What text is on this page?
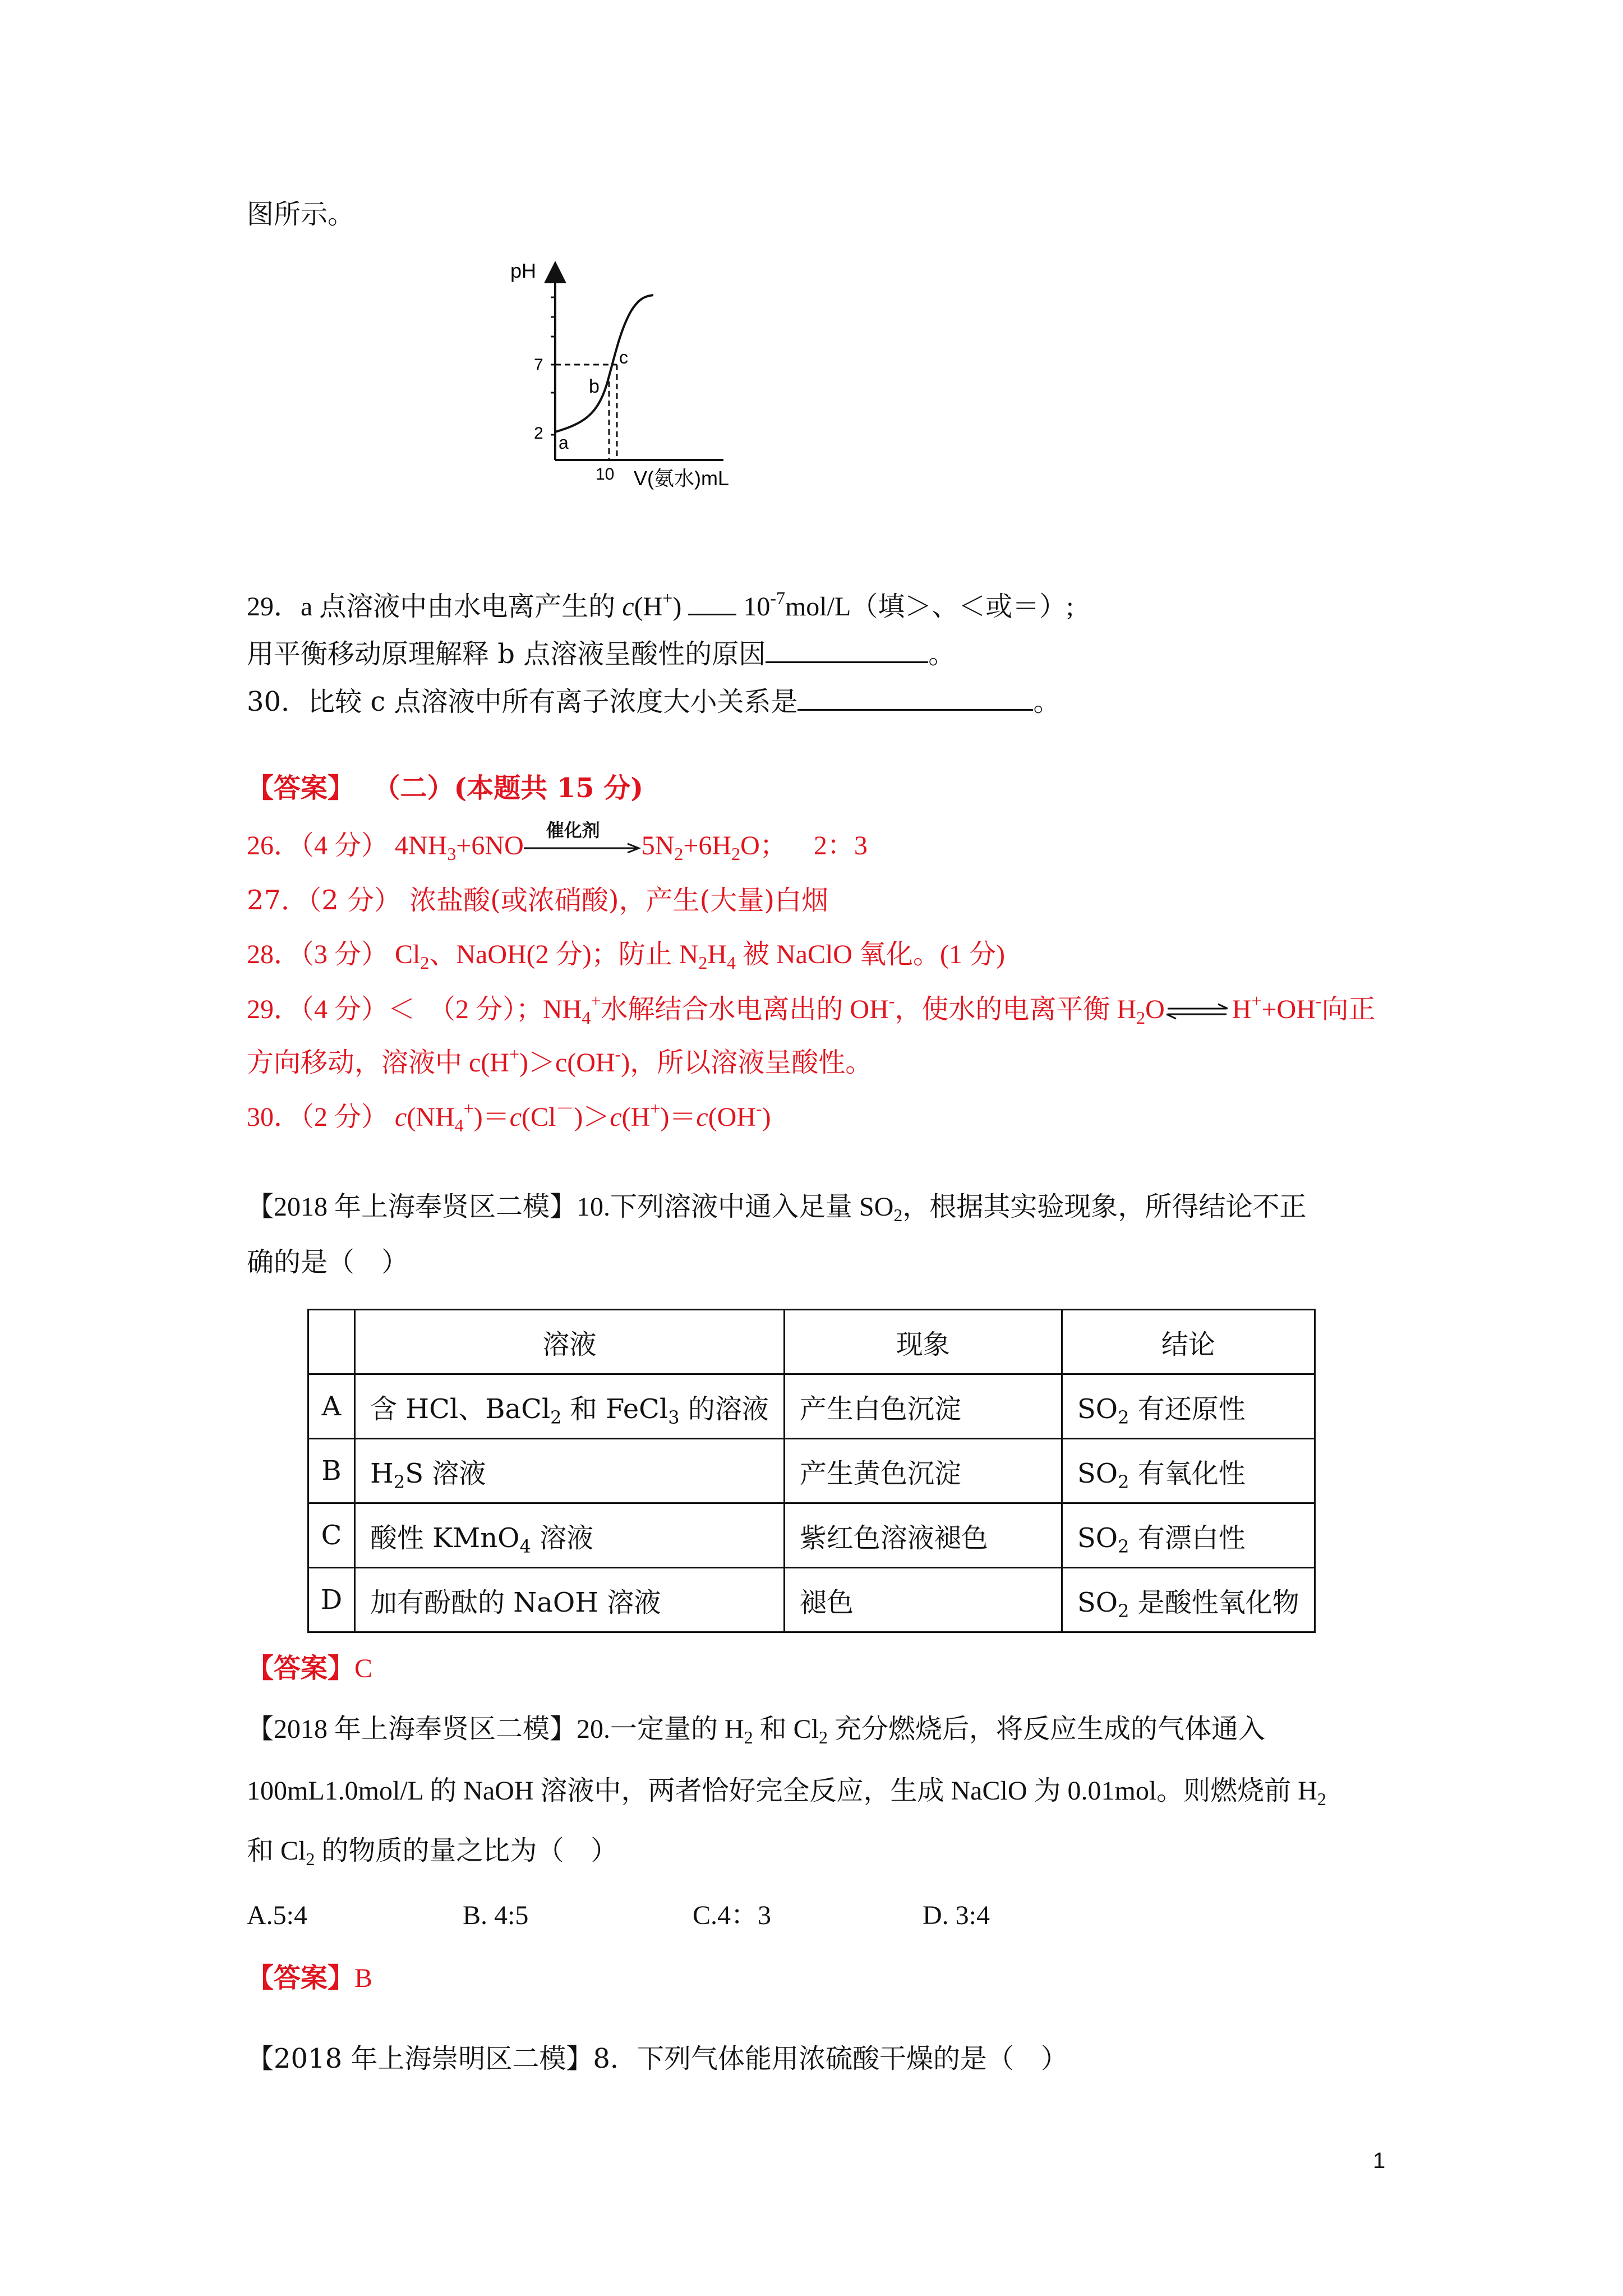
图所示。
pH
7
2
10 V(氨水)mL
a
b
c
29．a 点溶液中由水电离产生的 c(H+) $10^{-7}mol/L$（填＞、＜或＝）;
用平衡移动原理解释 b 点溶液呈酸性的原因	。
30．比较 c 点溶液中所有离子浓度大小关系是	。
【答案】 （二）(本题共 15 分)
26．（4 分） $4NH_3+6NO$
催化剂
$5N_2+6H_2O$； 2：3
27．（2 分） 浓盐酸(或浓硝酸)，产生(大量)白烟
28．（3 分） $Cl_2$、NaOH(2 分)；防止 $N_2H_4$ 被 NaClO 氧化。(1 分)
29．（4 分）＜ （2 分）；$NH_4^+$水解结合水电离出的 OH-，使水的电离平衡 $H_2O\rightleftharpoons H^++OH^-$向正
方向移动，溶液中 c(H+)＞c(OH-)，所以溶液呈酸性。
30．（2 分） $c(NH_4^+)=c(Cl^-)>c(H^+)=c(OH^-)$
【2018 年上海奉贤区二模】10.下列溶液中通入足量 $SO_2$，根据其实验现象，所得结论不正
确的是（　）
	溶液	现象	结论
A	含 HCl、BaCl$_2$ 和 FeCl$_3$ 的溶液	产生白色沉淀	$SO_2$ 有还原性
B	$H_2S$ 溶液	产生黄色沉淀	$SO_2$ 有氧化性
C	酸性 KMnO$_4$ 溶液	紫红色溶液褪色	$SO_2$ 有漂白性
D	加有酚酞的 NaOH 溶液	褪色	$SO_2$ 是酸性氧化物
【答案】C
【2018 年上海奉贤区二模】20.一定量的 $H_2$ 和 $Cl_2$ 充分燃烧后，将反应生成的气体通入
100mL1.0mol/L 的 NaOH 溶液中，两者恰好完全反应，生成 NaClO 为 0.01mol。则燃烧前 $H_2$
和 $Cl_2$ 的物质的量之比为（　）
A.5:4	B. 4:5	C.4：3	D. 3:4
【答案】B
【2018 年上海崇明区二模】8．下列气体能用浓硫酸干燥的是（　）
1
